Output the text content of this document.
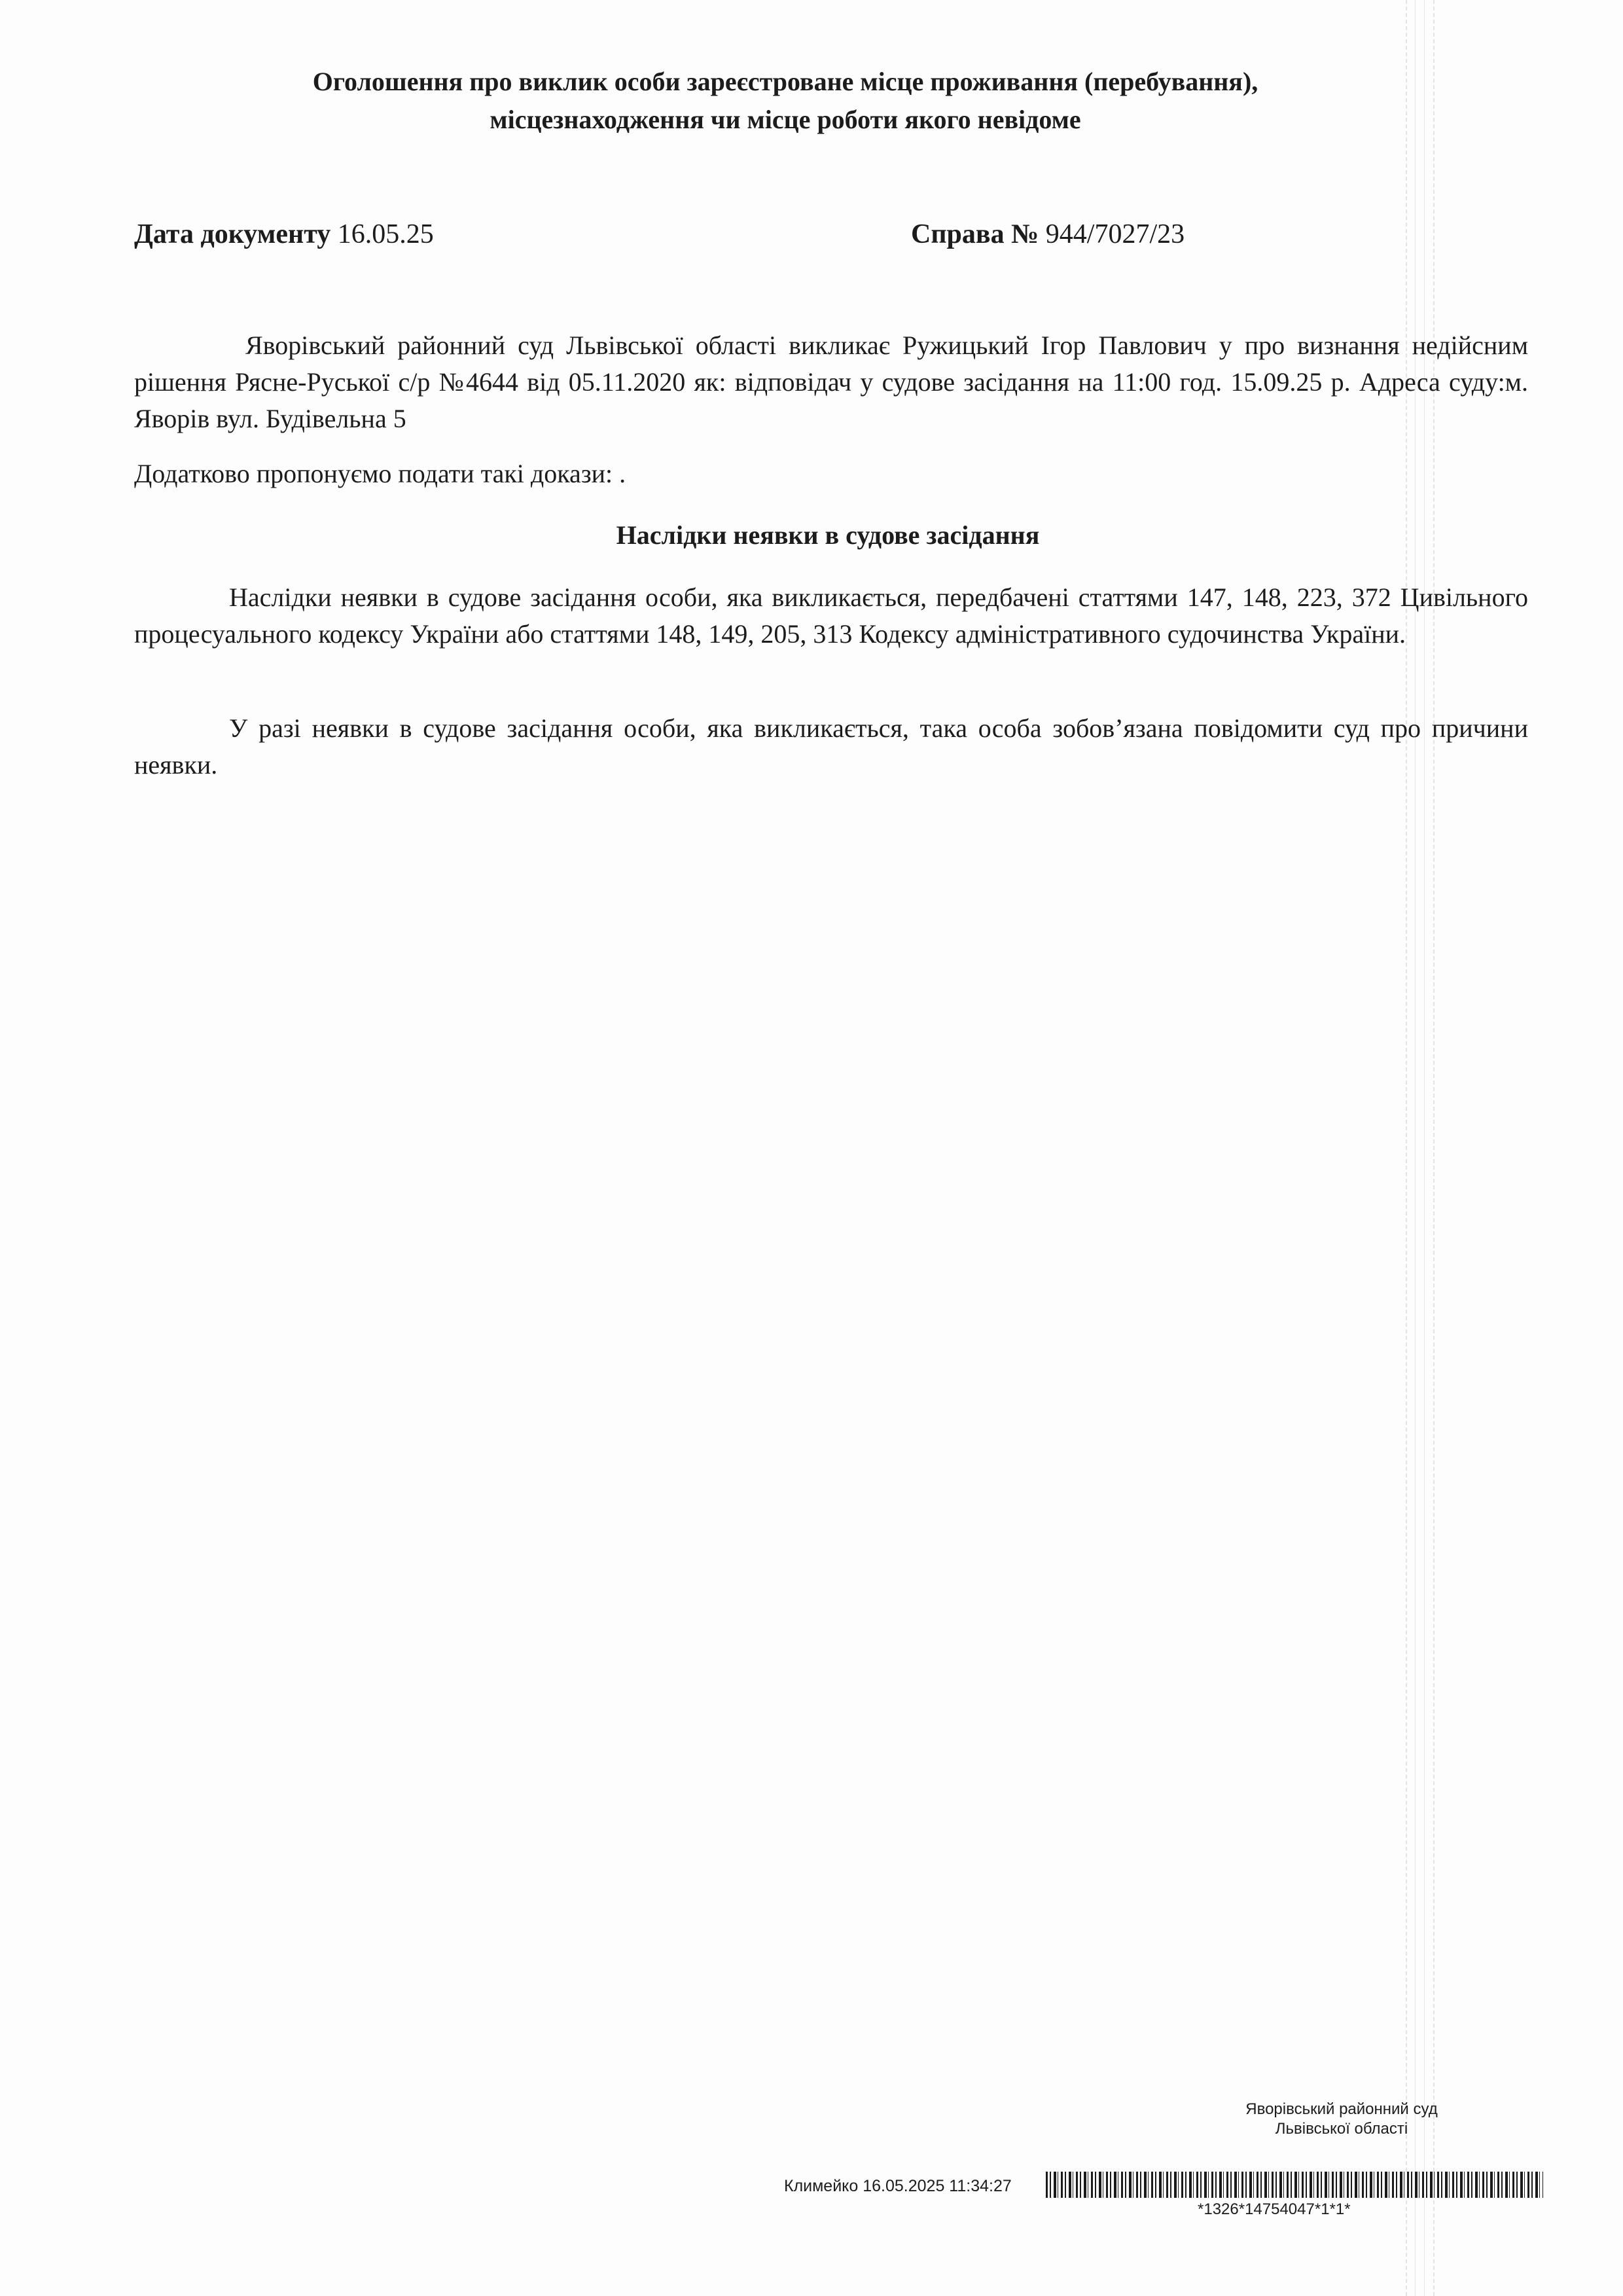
Оголошення про виклик особи зареєстроване місце проживання (перебування),
місцезнаходження чи місце роботи якого невідоме
Дата документу 16.05.25	Справа № 944/7027/23
Яворівський районний суд Львівської області викликає Ружицький Ігор Павлович у про визнання недійсним рішення Рясне-Руської с/р №4644 від 05.11.2020 як: відповідач у судове засідання на 11:00 год. 15.09.25 р. Адреса суду:м. Яворів вул. Будівельна 5
Додатково пропонуємо подати такі докази: .
Наслідки неявки в судове засідання
Наслідки неявки в судове засідання особи, яка викликається, передбачені статтями 147, 148, 223, 372 Цивільного процесуального кодексу України або статтями 148, 149, 205, 313 Кодексу адміністративного судочинства України.
У разі неявки в судове засідання особи, яка викликається, така особа зобов’язана повідомити суд про причини неявки.
Яворівський районний суд
Львівської області
Климейко 16.05.2025 11:34:27
*1326*14754047*1*1*
